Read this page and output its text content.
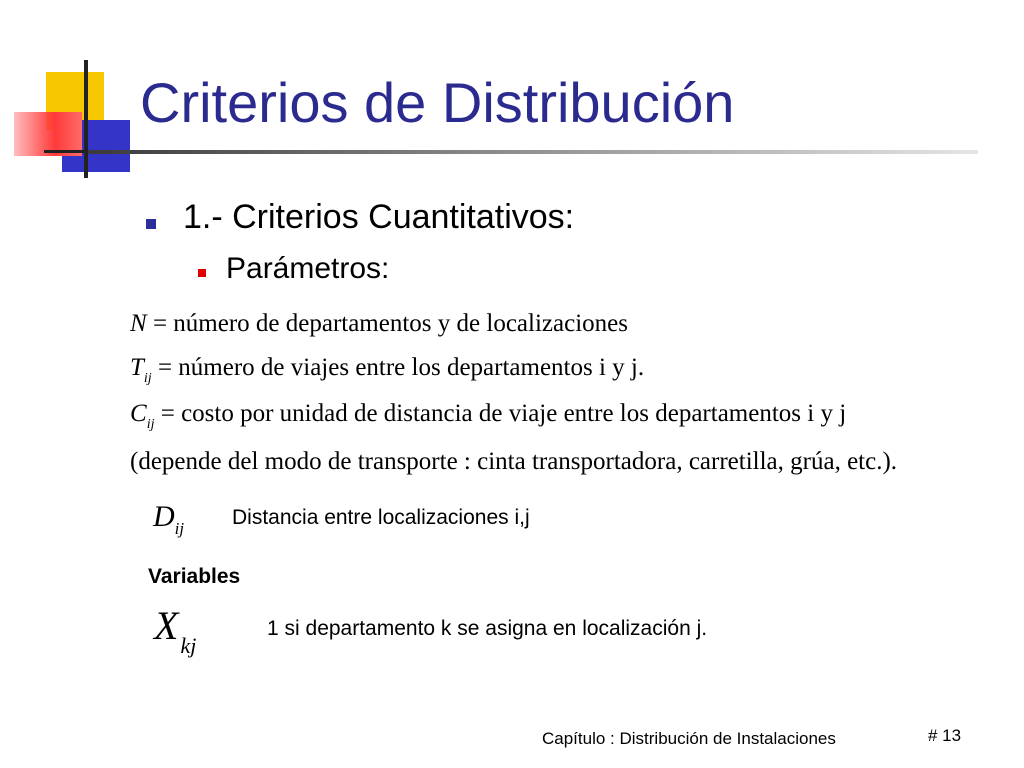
Criterios de Distribución
1.- Criterios Cuantitativos:
Parámetros:
N = número de departamentos y de localizaciones
$T_{ij}$ = número de viajes entre los departamentos i y j.
$C_{ij}$ = costo por unidad de distancia de viaje entre los departamentos i y j
(depende del modo de transporte : cinta transportadora, carretilla, grúa, etc.).
$D_{ij}$ Distancia entre localizaciones i,j
Variables
$X_{kj}$
1 si departamento k se asigna en localización j.
Capítulo : Distribución de Instalaciones	# 13
